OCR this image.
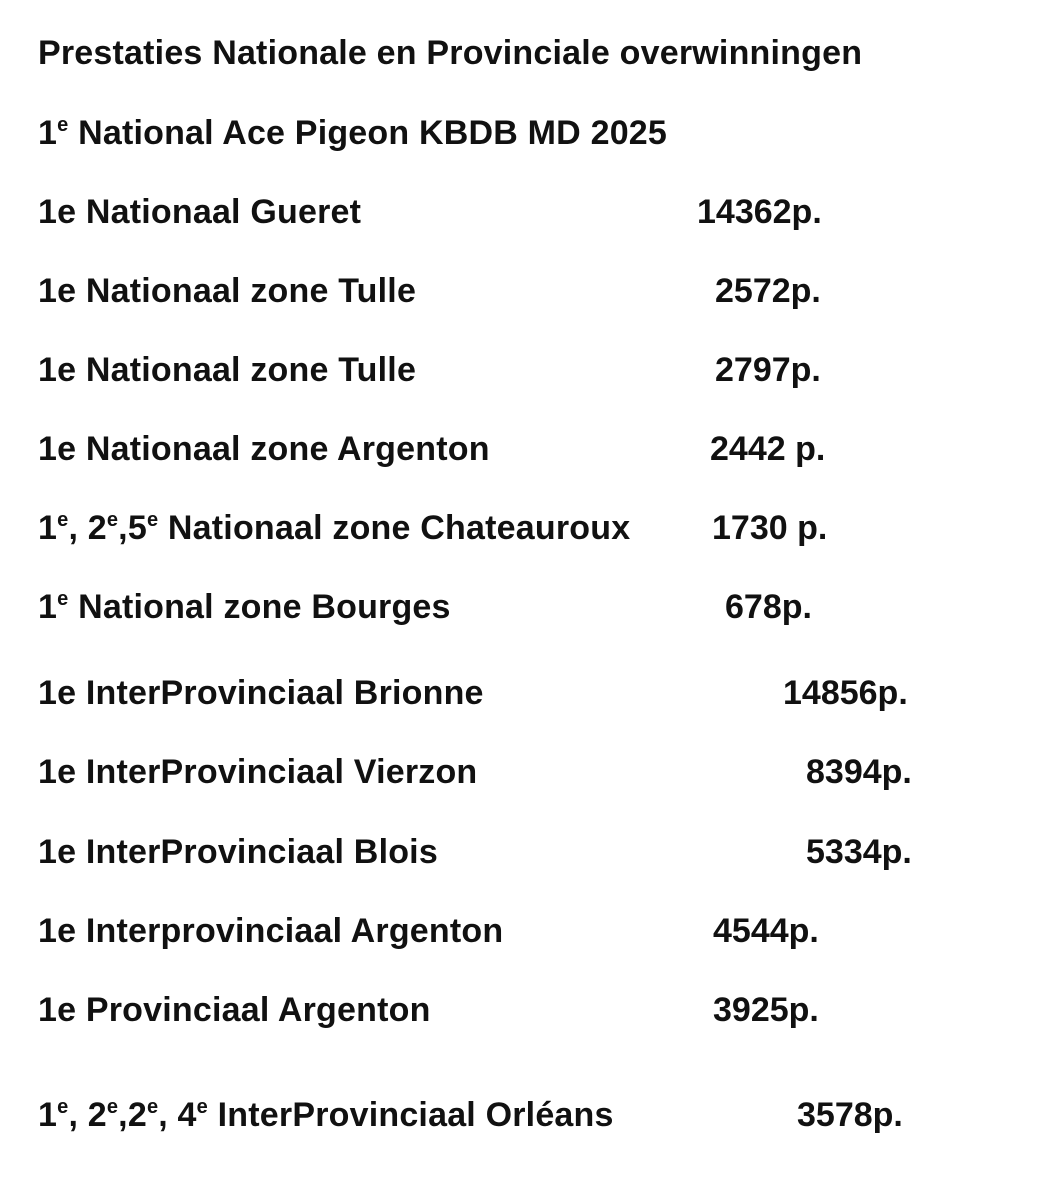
Prestaties Nationale en Provinciale overwinningen
1e National Ace Pigeon KBDB MD 2025
1e Nationaal Gueret	14362p.
1e Nationaal zone Tulle	2572p.
1e Nationaal zone Tulle	2797p.
1e Nationaal zone Argenton	2442 p.
1e, 2e,5e Nationaal zone Chateauroux 1730 p.
1e National zone Bourges	678p.
1e InterProvinciaal Brionne	14856p.
1e InterProvinciaal Vierzon	8394p.
1e InterProvinciaal Blois	5334p.
1e Interprovinciaal Argenton	4544p.
1e Provinciaal Argenton	3925p.
1e, 2e,2e, 4e InterProvinciaal Orléans	3578p.
